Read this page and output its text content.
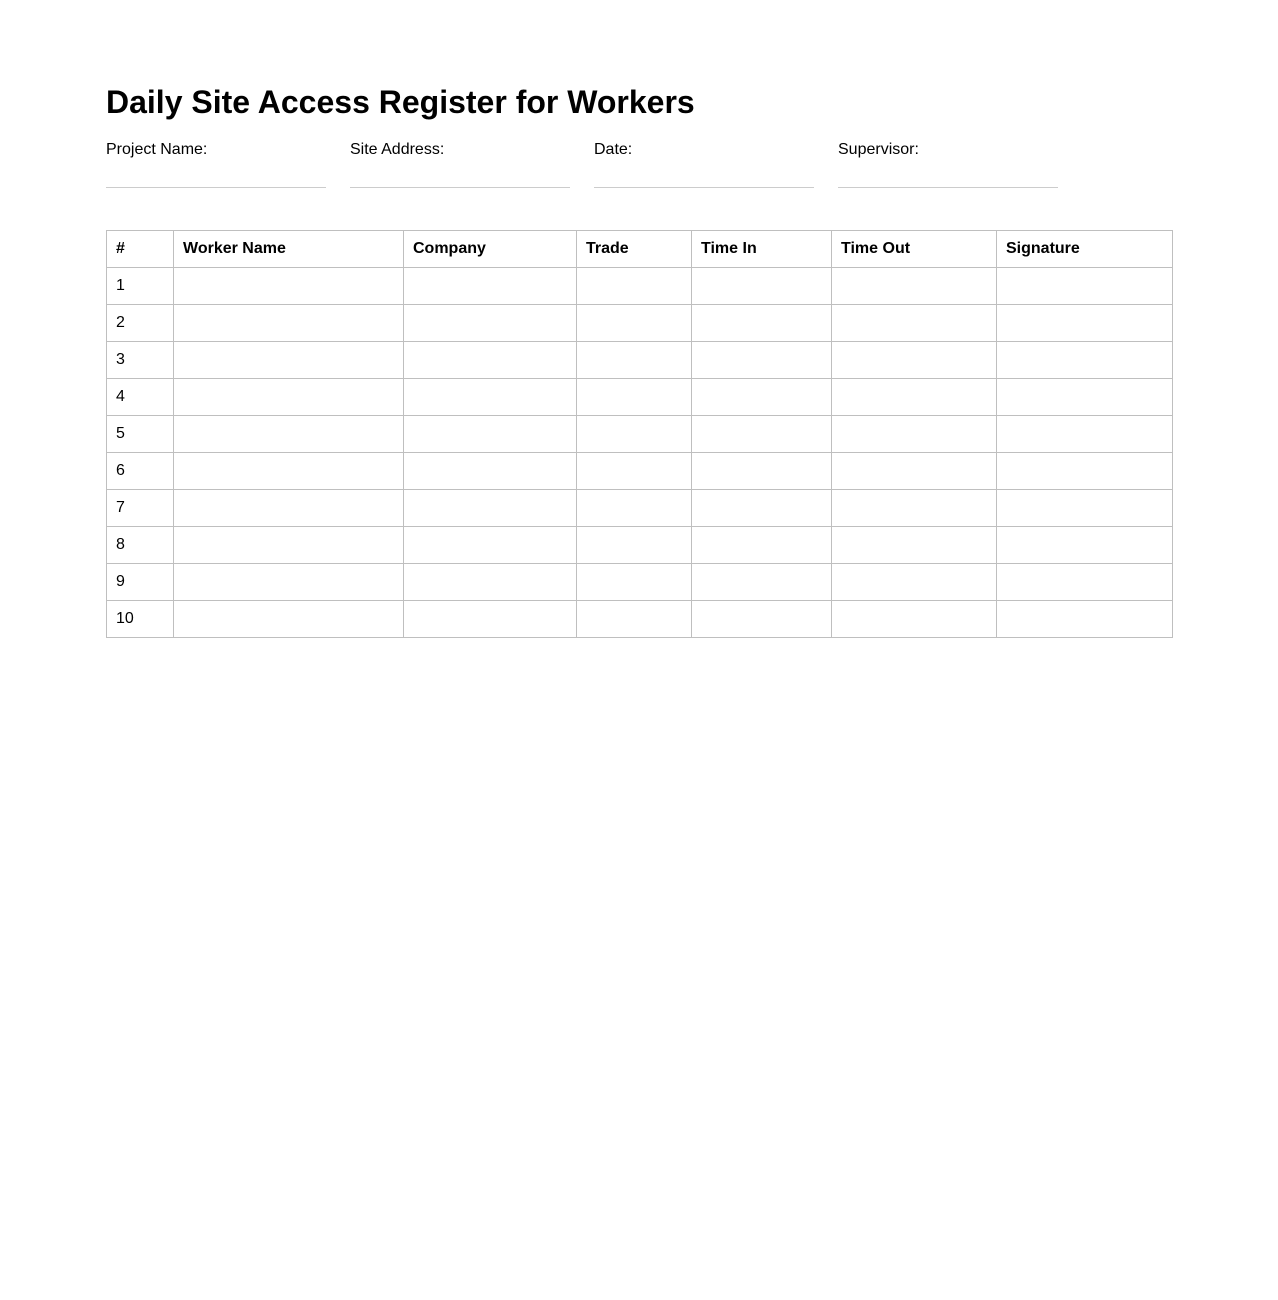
Daily Site Access Register for Workers
Project Name:	Site Address:	Date:	Supervisor:
#	Worker Name	Company	Trade	Time In	Time Out	Signature
1						
2						
3						
4						
5						
6						
7						
8						
9						
10						
